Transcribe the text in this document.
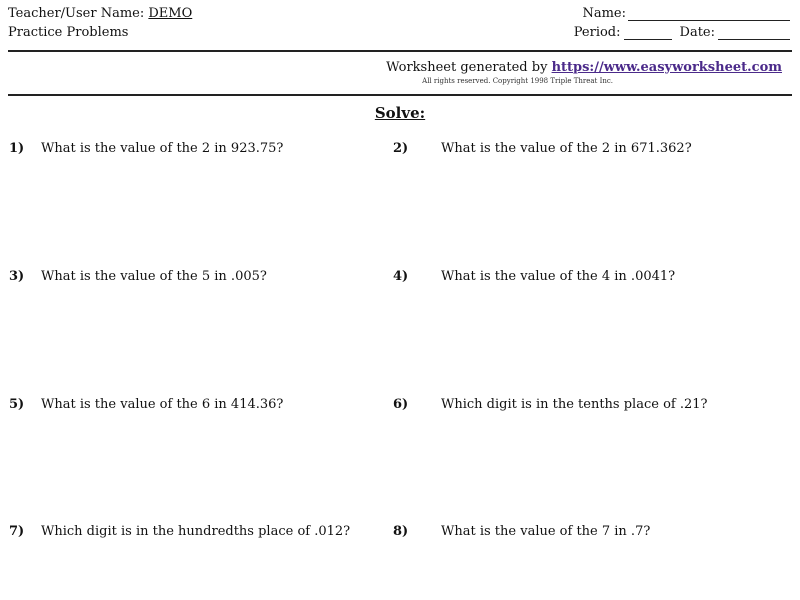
Teacher/User Name: DEMO
Practice Problems
Name:
Period:	Date:
Worksheet generated by https://www.easyworksheet.com
All rights reserved. Copyright 1998 Triple Threat Inc.
Solve:
1)	What is the value of the 2 in 923.75?	2)	What is the value of the 2 in 671.362?
3)	What is the value of the 5 in .005?	4)	What is the value of the 4 in .0041?
5)	What is the value of the 6 in 414.36?	6)	Which digit is in the tenths place of .21?
7)	Which digit is in the hundredths place of .012?	8)	What is the value of the 7 in .7?
